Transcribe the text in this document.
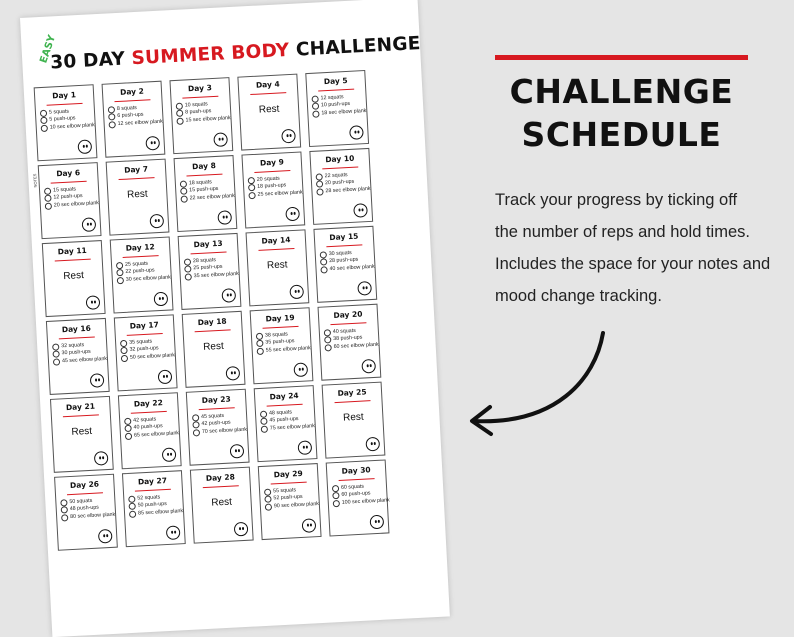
EASY
30 DAY SUMMER BODY CHALLENGE
NOTES
Day 1
5 squats
5 push-ups
10 sec elbow plank
Day 2
8 squats
6 push-ups
12 sec elbow plank
Day 3
10 squats
8 push-ups
15 sec elbow plank
Day 4
Rest
Day 5
12 squats
10 push-ups
18 sec elbow plank
Day 6
15 squats
12 push-ups
20 sec elbow plank
Day 7
Rest
Day 8
18 squats
15 push-ups
22 sec elbow plank
Day 9
20 squats
18 push-ups
25 sec elbow plank
Day 10
22 squats
20 push-ups
28 sec elbow plank
Day 11
Rest
Day 12
25 squats
22 push-ups
30 sec elbow plank
Day 13
28 squats
25 push-ups
35 sec elbow plank
Day 14
Rest
Day 15
30 squats
28 push-ups
40 sec elbow plank
Day 16
32 squats
30 push-ups
45 sec elbow plank
Day 17
35 squats
32 push-ups
50 sec elbow plank
Day 18
Rest
Day 19
38 squats
35 push-ups
55 sec elbow plank
Day 20
40 squats
38 push-ups
60 sec elbow plank
Day 21
Rest
Day 22
42 squats
40 push-ups
65 sec elbow plank
Day 23
45 squats
42 push-ups
70 sec elbow plank
Day 24
48 squats
45 push-ups
75 sec elbow plank
Day 25
Rest
Day 26
50 squats
48 push-ups
80 sec elbow plank
Day 27
52 squats
50 push-ups
85 sec elbow plank
Day 28
Rest
Day 29
55 squats
52 push-ups
90 sec elbow plank
Day 30
60 squats
60 push-ups
100 sec elbow plank
CHALLENGE
SCHEDULE
Track your progress by ticking off
the number of reps and hold times.
Includes the space for your notes and
mood change tracking.
